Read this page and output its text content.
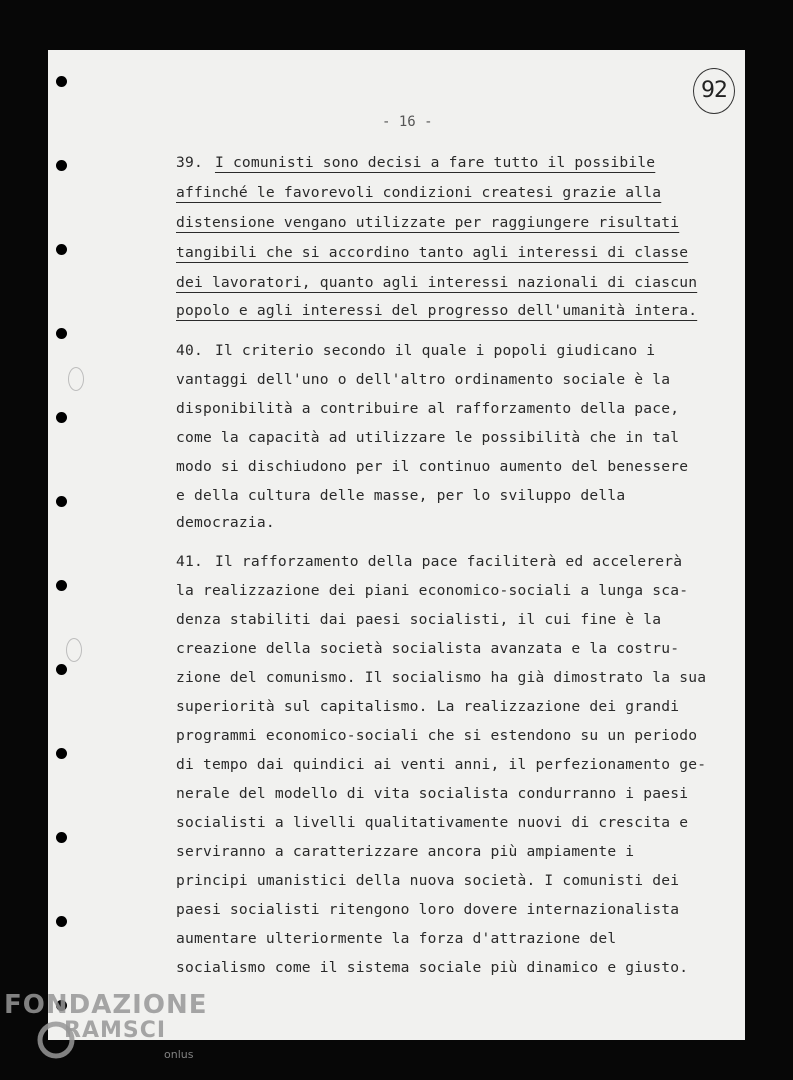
- 16 -
92
39. I comunisti sono decisi a fare tutto il possibile
affinché le favorevoli condizioni createsi grazie alla
distensione vengano utilizzate per raggiungere risultati
tangibili che si accordino tanto agli interessi di classe
dei lavoratori, quanto agli interessi nazionali di ciascun
popolo e agli interessi del progresso dell'umanità intera.
40. Il criterio secondo il quale i popoli giudicano i
vantaggi dell'uno o dell'altro ordinamento sociale è la
disponibilità a contribuire al rafforzamento della pace,
come la capacità ad utilizzare le possibilità che in tal
modo si dischiudono per il continuo aumento del benessere
e della cultura delle masse, per lo sviluppo della
democrazia.
41. Il rafforzamento della pace faciliterà ed accelererà
la realizzazione dei piani economico-sociali a lunga sca-
denza stabiliti dai paesi socialisti, il cui fine è la
creazione della società socialista avanzata e la costru-
zione del comunismo. Il socialismo ha già dimostrato la sua
superiorità sul capitalismo. La realizzazione dei grandi
programmi economico-sociali che si estendono su un periodo
di tempo dai quindici ai venti anni, il perfezionamento ge-
nerale del modello di vita socialista condurranno i paesi
socialisti a livelli qualitativamente nuovi di crescita e
serviranno a caratterizzare ancora più ampiamente i
principi umanistici della nuova società. I comunisti dei
paesi socialisti ritengono loro dovere internazionalista
aumentare ulteriormente la forza d'attrazione del
socialismo come il sistema sociale più dinamico e giusto.
FONDAZIONE
RAMSCI
onlus
